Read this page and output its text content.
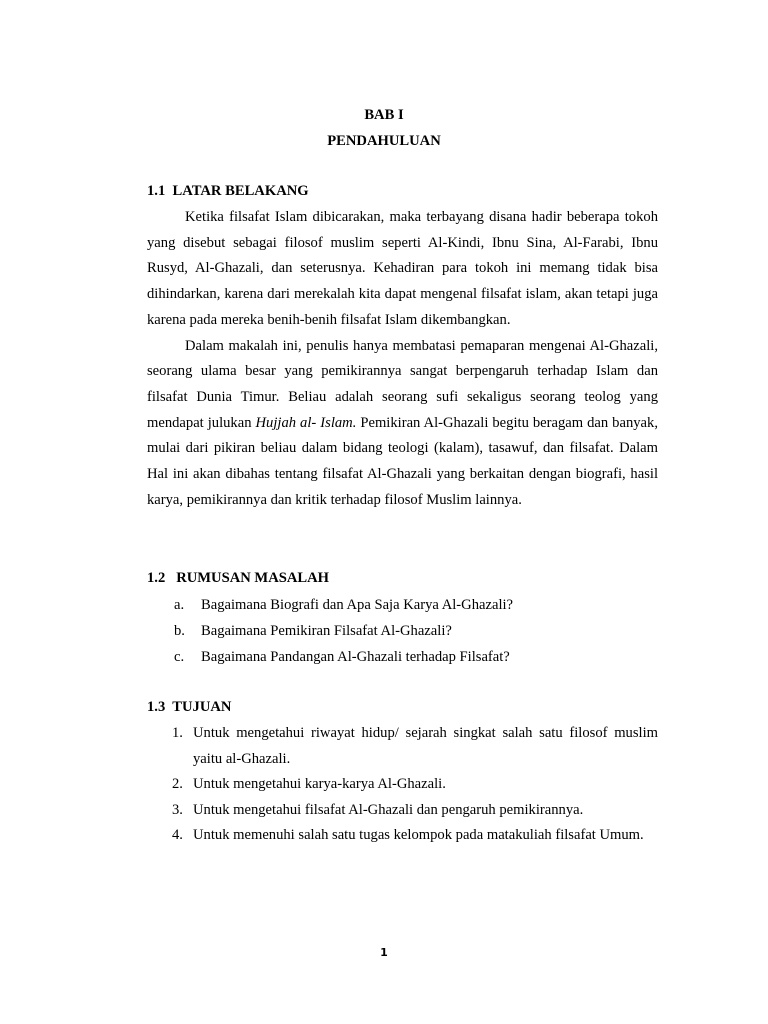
BAB I
PENDAHULUAN
1.1  LATAR BELAKANG

Ketika filsafat Islam dibicarakan, maka terbayang disana hadir beberapa tokoh yang disebut sebagai filosof muslim seperti Al-Kindi, Ibnu Sina, Al-Farabi, Ibnu Rusyd, Al-Ghazali, dan seterusnya. Kehadiran para tokoh ini memang tidak bisa dihindarkan, karena dari merekalah kita dapat mengenal filsafat islam, akan tetapi juga karena pada mereka benih-benih filsafat Islam dikembangkan.

Dalam makalah ini, penulis hanya membatasi pemaparan mengenai Al-Ghazali, seorang ulama besar yang pemikirannya sangat berpengaruh terhadap Islam dan filsafat Dunia Timur. Beliau adalah seorang sufi sekaligus seorang teolog yang mendapat julukan Hujjah al- Islam. Pemikiran Al-Ghazali begitu beragam dan banyak, mulai dari pikiran beliau dalam bidang teologi (kalam), tasawuf, dan filsafat. Dalam Hal ini akan dibahas tentang filsafat Al-Ghazali yang berkaitan dengan biografi, hasil karya, pemikirannya dan kritik terhadap filosof Muslim lainnya.

1.2   RUMUSAN MASALAH
a. Bagaimana Biografi dan Apa Saja Karya Al-Ghazali?
b. Bagaimana Pemikiran Filsafat Al-Ghazali?
c. Bagaimana Pandangan Al-Ghazali terhadap Filsafat?
1.3  TUJUAN
1. Untuk mengetahui riwayat hidup/ sejarah singkat salah satu filosof muslim yaitu al-Ghazali.
2. Untuk mengetahui karya-karya Al-Ghazali.
3. Untuk mengetahui filsafat Al-Ghazali dan pengaruh pemikirannya.
4. Untuk memenuhi salah satu tugas kelompok pada matakuliah filsafat Umum.
1
